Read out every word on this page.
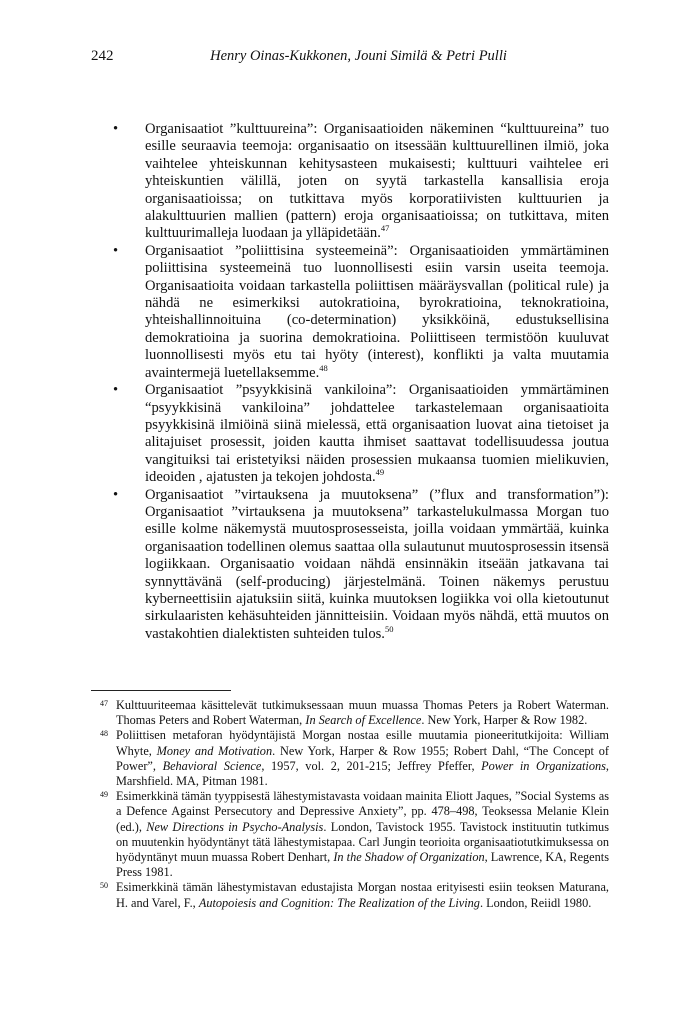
242	Henry Oinas-Kukkonen, Jouni Similä & Petri Pulli

• Organisaatiot ”kulttuureina”: Organisaatioiden näkeminen “kulttuureina” tuo esille seuraavia teemoja: organisaatio on itsessään kulttuurellinen ilmiö, joka vaihtelee yhteiskunnan kehitysasteen mukaisesti; kulttuuri vaihtelee eri yhteiskuntien välillä, joten on syytä tarkastella kansallisia eroja organisaatioissa; on tutkittava myös korporatiivisten kulttuurien ja alakulttuurien mallien (pattern) eroja organisaatioissa; on tutkittava, miten kulttuurimalleja luodaan ja ylläpidetään.$^{47}$

• Organisaatiot ”poliittisina systeemeinä”: Organisaatioiden ymmärtäminen poliittisina systeemeinä tuo luonnollisesti esiin varsin useita teemoja. Organisaatioita voidaan tarkastella poliittisen määräysvallan (political rule) ja nähdä ne esimerkiksi autokratioina, byrokratioina, teknokratioina, yhteishallinnoituina (co-determination) yksikköinä, edustuksellisina demokratioina ja suorina demokratioina. Poliittiseen termistöön kuuluvat luonnollisesti myös etu tai hyöty (interest), konflikti ja valta muutamia avaintermejä luetellaksemme.$^{48}$

• Organisaatiot ”psyykkisinä vankiloina”: Organisaatioiden ymmärtäminen “psyykkisinä vankiloina” johdattelee tarkastelemaan organisaatioita psyykkisinä ilmiöinä siinä mielessä, että organisaation luovat aina tietoiset ja alitajuiset prosessit, joiden kautta ihmiset saattavat todellisuudessa joutua vangituiksi tai eristetyiksi näiden prosessien mukaansa tuomien mielikuvien, ideoiden , ajatusten ja tekojen johdosta.$^{49}$

• Organisaatiot ”virtauksena ja muutoksena” (”flux and transformation”): Organisaatiot ”virtauksena ja muutoksena” tarkastelukulmassa Morgan tuo esille kolme näkemystä muutosprosesseista, joilla voidaan ymmärtää, kuinka organisaation todellinen olemus saattaa olla sulautunut muutosprosessin itsensä logiikkaan. Organisaatio voidaan nähdä ensinnäkin itseään jatkavana tai synnyttävänä (self-producing) järjestelmänä. Toinen näkemys perustuu kyberneettisiin ajatuksiin siitä, kuinka muutoksen logiikka voi olla kietoutunut sirkulaaristen kehäsuhteiden jännitteisiin. Voidaan myös nähdä, että muutos on vastakohtien dialektisten suhteiden tulos.$^{50}$

47 Kulttuuriteemaa käsittelevät tutkimuksessaan muun muassa Thomas Peters ja Robert Waterman. Thomas Peters and Robert Waterman, In Search of Excellence. New York, Harper & Row 1982.

48 Poliittisen metaforan hyödyntäjistä Morgan nostaa esille muutamia pioneeritutkijoita: William Whyte, Money and Motivation. New York, Harper & Row 1955; Robert Dahl, “The Concept of Power”, Behavioral Science, 1957, vol. 2, 201-215; Jeffrey Pfeffer, Power in Organizations, Marshfield. MA, Pitman 1981.

49 Esimerkkinä tämän tyyppisestä lähestymistavasta voidaan mainita Eliott Jaques, ”Social Systems as a Defence Against Persecutory and Depressive Anxiety”, pp. 478–498, Teoksessa Melanie Klein (ed.), New Directions in Psycho-Analysis. London, Tavistock 1955. Tavistock instituutin tutkimus on muutenkin hyödyntänyt tätä lähestymistapaa. Carl Jungin teorioita organisaatiotutkimuksessa on hyödyntänyt muun muassa Robert Denhart, In the Shadow of Organization, Lawrence, KA, Regents Press 1981.

50 Esimerkkinä tämän lähestymistavan edustajista Morgan nostaa erityisesti esiin teoksen Maturana, H. and Varel, F., Autopoiesis and Cognition: The Realization of the Living. London, Reiidl 1980.
